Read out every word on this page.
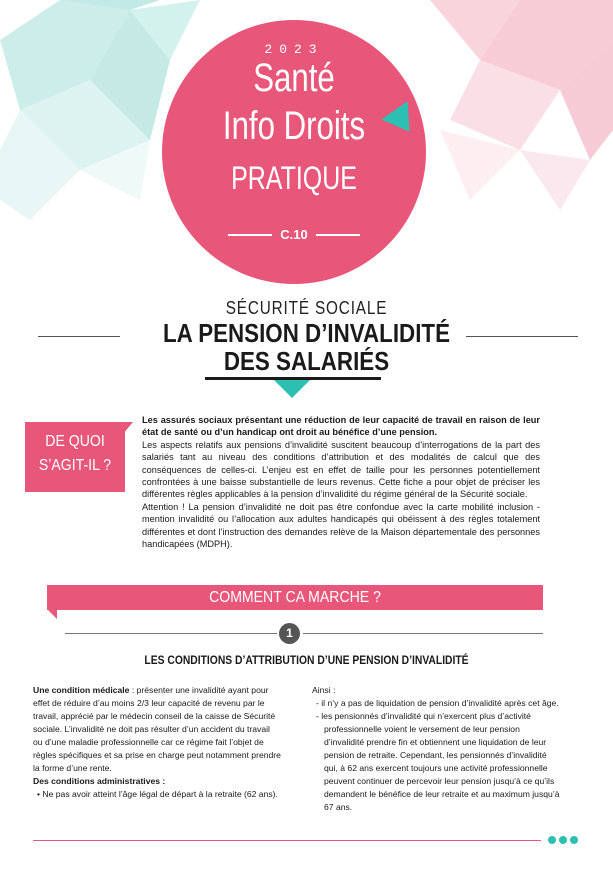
2023
Santé
Info Droits
PRATIQUE
C.10
SÉCURITÉ SOCIALE
LA PENSION D’INVALIDITÉ
DES SALARIÉS
DE QUOI
S’AGIT-IL ?

Les assurés sociaux présentant une réduction de leur capacité de travail en raison de leur état de santé ou d’un handicap ont droit au bénéfice d’une pension.

Les aspects relatifs aux pensions d’invalidité suscitent beaucoup d’interrogations de la part des salariés tant au niveau des conditions d’attribution et des modalités de calcul que des conséquences de celles-ci. L’enjeu est en effet de taille pour les personnes potentiellement confrontées à une baisse substantielle de leurs revenus. Cette fiche a pour objet de préciser les différentes règles applicables à la pension d’invalidité du régime général de la Sécurité sociale.

Attention ! La pension d’invalidité ne doit pas être confondue avec la carte mobilité inclusion - mention invalidité ou l’allocation aux adultes handicapés qui obéissent à des règles totalement différentes et dont l’instruction des demandes relève de la Maison départementale des personnes handicapées (MDPH).

COMMENT CA MARCHE ?
1
LES CONDITIONS D’ATTRIBUTION D’UNE PENSION D’INVALIDITÉ

Une condition médicale : présenter une invalidité ayant pour effet de réduire d’au moins 2/3 leur capacité de revenu par le travail, apprécié par le médecin conseil de la caisse de Sécurité sociale. L’invalidité ne doit pas résulter d’un accident du travail ou d’une maladie professionnelle car ce régime fait l’objet de règles spécifiques et sa prise en charge peut notamment prendre la forme d’une rente.

Des conditions administratives :

• Ne pas avoir atteint l’âge légal de départ à la retraite (62 ans).

Ainsi :

- il n’y a pas de liquidation de pension d’invalidité après cet âge.

- les pensionnés d’invalidité qui n’exercent plus d’activité professionnelle voient le versement de leur pension d’invalidité prendre fin et obtiennent une liquidation de leur pension de retraite. Cependant, les pensionnés d’invalidité qui, à 62 ans exercent toujours une activité professionnelle peuvent continuer de percevoir leur pension jusqu’à ce qu’ils demandent le bénéfice de leur retraite et au maximum jusqu’à 67 ans.
